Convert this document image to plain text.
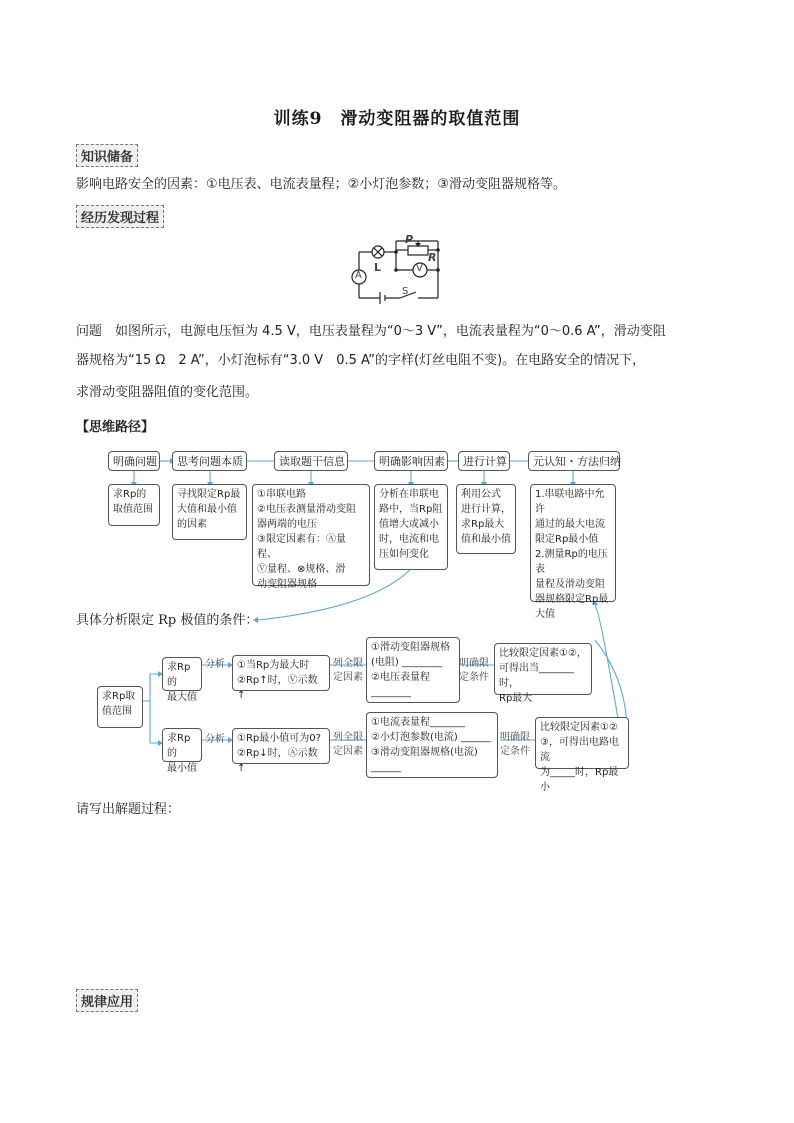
训练9　滑动变阻器的取值范围
知识储备
影响电路安全的因素：①电压表、电流表量程；②小灯泡参数；③滑动变阻器规格等。
经历发现过程
A
V
L
P
R
S
问题　如图所示，电源电压恒为 4.5 V，电压表量程为“0～3 V”，电流表量程为“0～0.6 A”，滑动变阻
器规格为“15 Ω　2 A”，小灯泡标有“3.0 V　0.5 A”的字样(灯丝电阻不变)。在电路安全的情况下，
求滑动变阻器阻值的变化范围。
【思维路径】
明确问题	思考问题本质	读取题干信息	明确影响因素	进行计算	元认知・方法归纳
求Rp的
取值范围
寻找限定Rp最
大值和最小值
的因素
①串联电路
②电压表测量滑动变阻
器两端的电压
③限定因素有：Ⓐ量程、
Ⓥ量程、⊗规格、滑
动变阻器规格
分析在串联电
路中，当Rp阻
值增大或减小
时，电流和电
压如何变化
利用公式
进行计算，
求Rp最大
值和最小值
1.串联电路中允许
通过的最大电流
限定Rp最小值
2.测量Rp的电压表
量程及滑动变阻
器规格限定Rp最
大值
具体分析限定 Rp 极值的条件：
求Rp取
值范围
求Rp的
最大值
求Rp的
最小值
分析
分析
①当Rp为最大时
②Rp↑时，Ⓥ示数↑
①Rp最小值可为0?
②Rp↓时，Ⓐ示数↑
列全限
定因素
列全限
定因素
①滑动变阻器规格
(电阻) ________
②电压表量程
________
①电流表量程_______
②小灯泡参数(电流) ______
③滑动变阻器规格(电流)
______
明确限
定条件
明确限
定条件
比较限定因素①②，
可得出当_______时，
Rp最大
比较限定因素①②
③，可得出电路电流
为_____时，Rp最小
请写出解题过程：
规律应用
